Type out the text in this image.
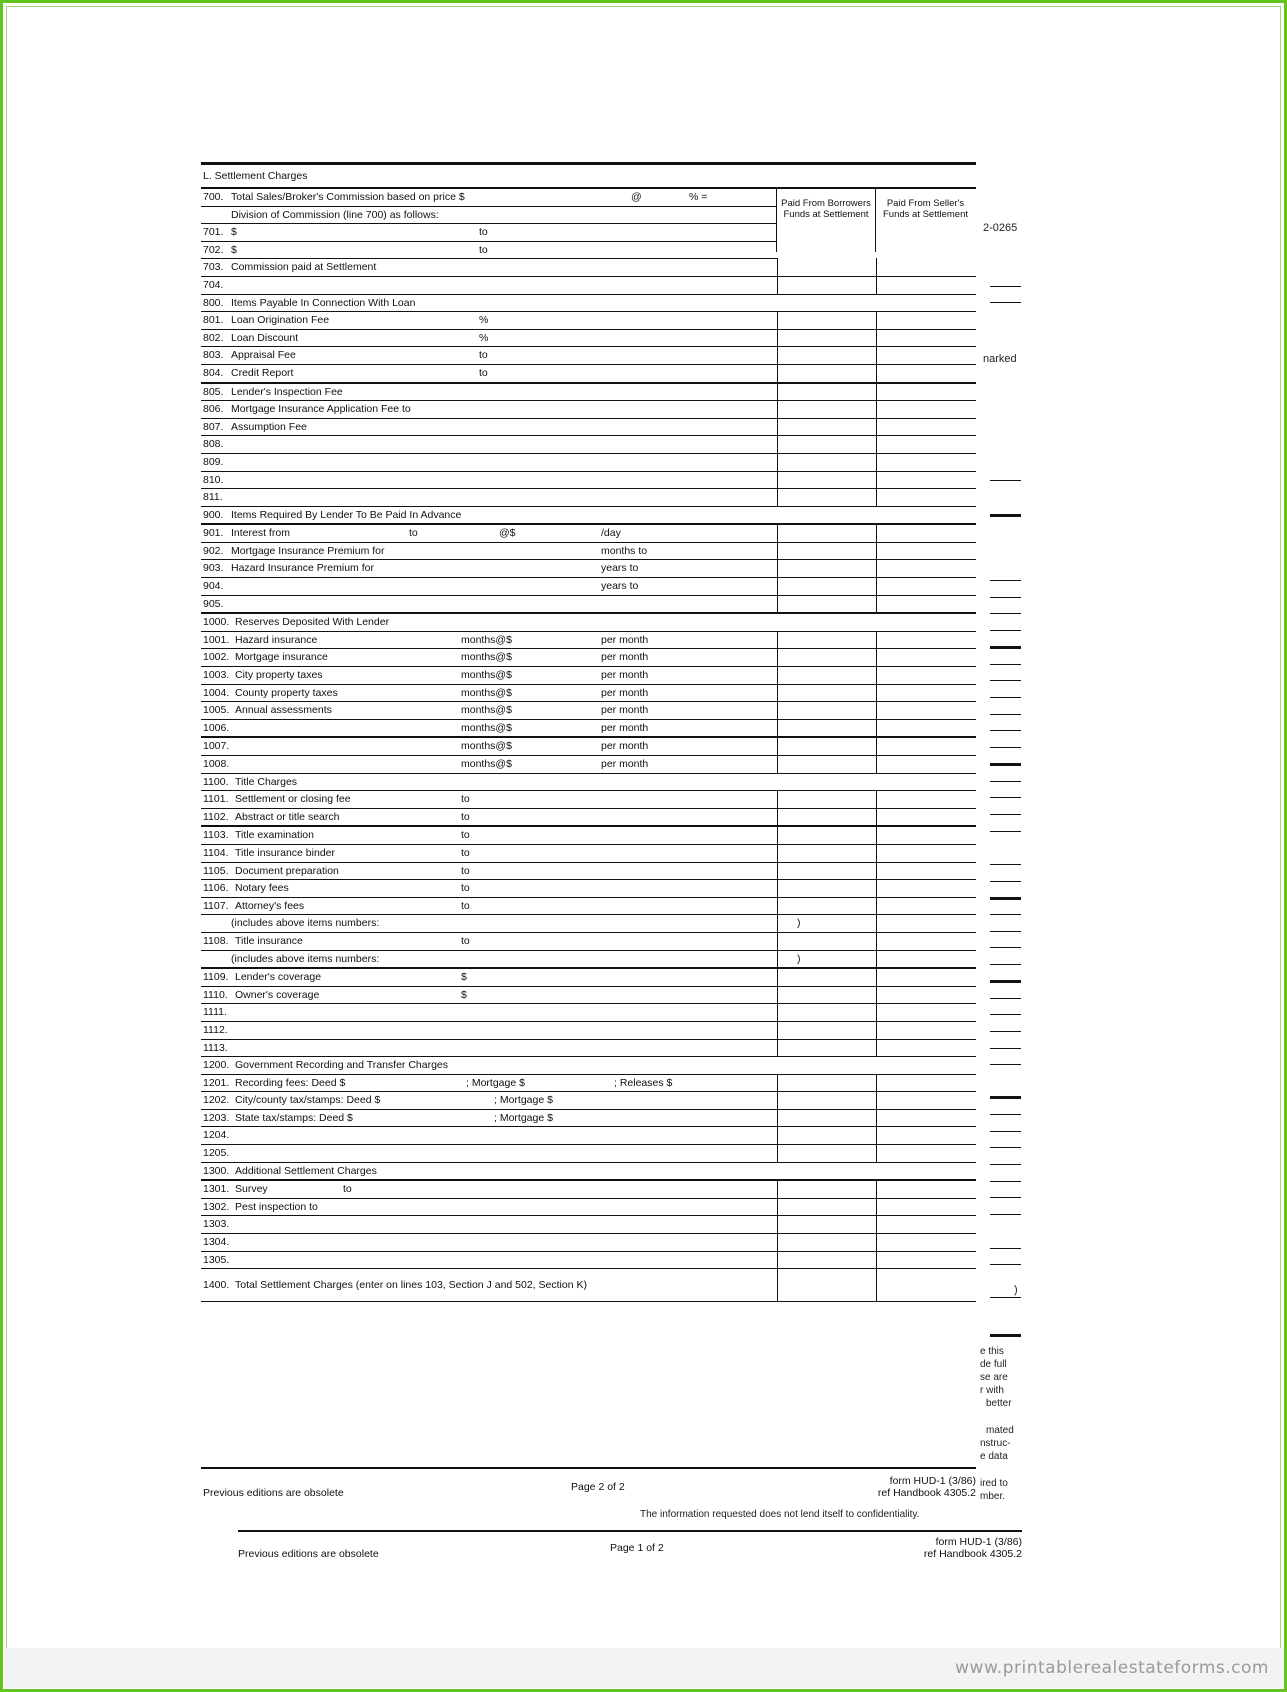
2-0265
narked
)
e this
de full
se are
r with
better
mated
nstruc-
e data
ired to
mber.
The information requested does not lend itself to confidentiality.
Previous editions are obsolete	Page 1 of 2	form HUD-1 (3/86)
ref Handbook 4305.2
L. Settlement Charges
Paid From Borrowers Funds at Settlement
Paid From Seller's Funds at Settlement
700. Total Sales/Broker's Commission based on price $	@	% =
Division of Commission (line 700) as follows:
701. $	to
702. $	to
703. Commission paid at Settlement
704.
800. Items Payable In Connection With Loan
801. Loan Origination Fee	%
802. Loan Discount	%
803. Appraisal Fee	to
804. Credit Report	to
805. Lender's Inspection Fee
806. Mortgage Insurance Application Fee to
807. Assumption Fee
808.
809.
810.
811.
900. Items Required By Lender To Be Paid In Advance
901. Interest from	to	@$	/day
902. Mortgage Insurance Premium for	months to
903. Hazard Insurance Premium for	years to
904.	years to
905.
1000. Reserves Deposited With Lender
1001. Hazard insurance	months@$	per month
1002. Mortgage insurance	months@$	per month
1003. City property taxes	months@$	per month
1004. County property taxes	months@$	per month
1005. Annual assessments	months@$	per month
1006.	months@$	per month
1007.	months@$	per month
1008.	months@$	per month
1100. Title Charges
1101. Settlement or closing fee	to
1102. Abstract or title search	to
1103. Title examination	to
1104. Title insurance binder	to
1105. Document preparation	to
1106. Notary fees	to
1107. Attorney's fees	to
(includes above items numbers:	)
1108. Title insurance	to
(includes above items numbers:	)
1109. Lender's coverage	$
1110. Owner's coverage	$
1111.
1112.
1113.
1200. Government Recording and Transfer Charges
1201. Recording fees: Deed $	; Mortgage $	; Releases $
1202. City/county tax/stamps: Deed $	; Mortgage $
1203. State tax/stamps: Deed $	; Mortgage $
1204.
1205.
1300. Additional Settlement Charges
1301. Survey	to
1302. Pest inspection to
1303.
1304.
1305.
1400. Total Settlement Charges (enter on lines 103, Section J and 502, Section K)
Previous editions are obsolete	Page 2 of 2	form HUD-1 (3/86)
ref Handbook 4305.2
www.printablerealestateforms.com
